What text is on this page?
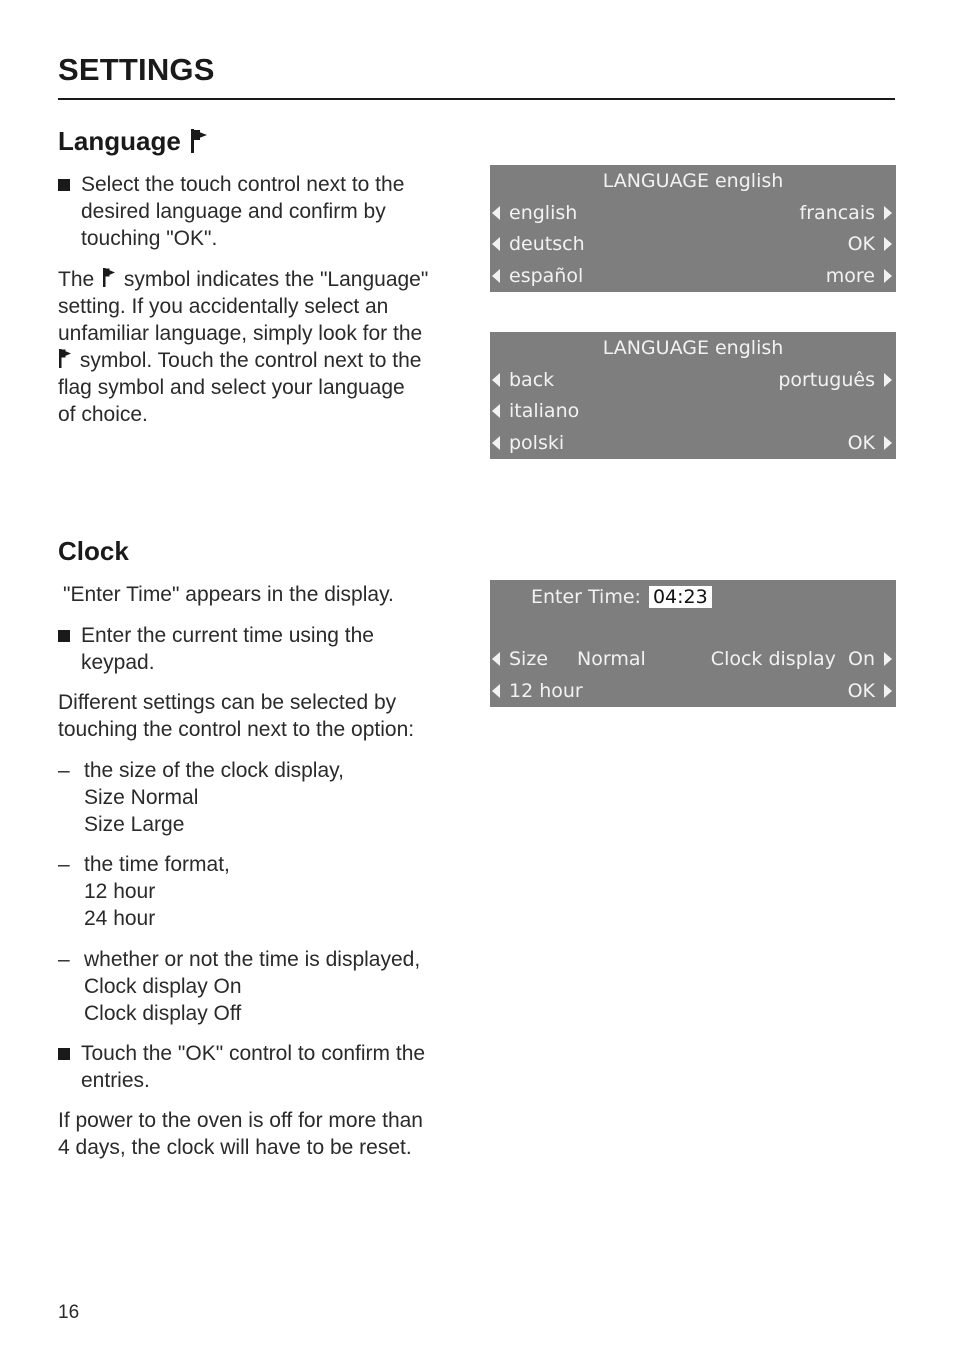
SETTINGS
Language
Select the touch control next to the
desired language and confirm by
touching "OK".
The symbol indicates the "Language"
setting. If you accidentally select an
unfamiliar language, simply look for the
symbol. Touch the control next to the
flag symbol and select your language
of choice.
LANGUAGE english
english	francais
deutsch	OK
español	more
LANGUAGE english
back	português
italiano
polski	OK
Clock
"Enter Time" appears in the display.
Enter the current time using the
keypad.
Different settings can be selected by
touching the control next to the option:
– the size of the clock display,
Size Normal
Size Large
– the time format,
12 hour
24 hour
– whether or not the time is displayed,
Clock display On
Clock display Off
Touch the "OK" control to confirm the
entries.
If power to the oven is off for more than
4 days, the clock will have to be reset.
Enter Time: 04:23
Size Normal	Clock display  On
12 hour	OK
16
